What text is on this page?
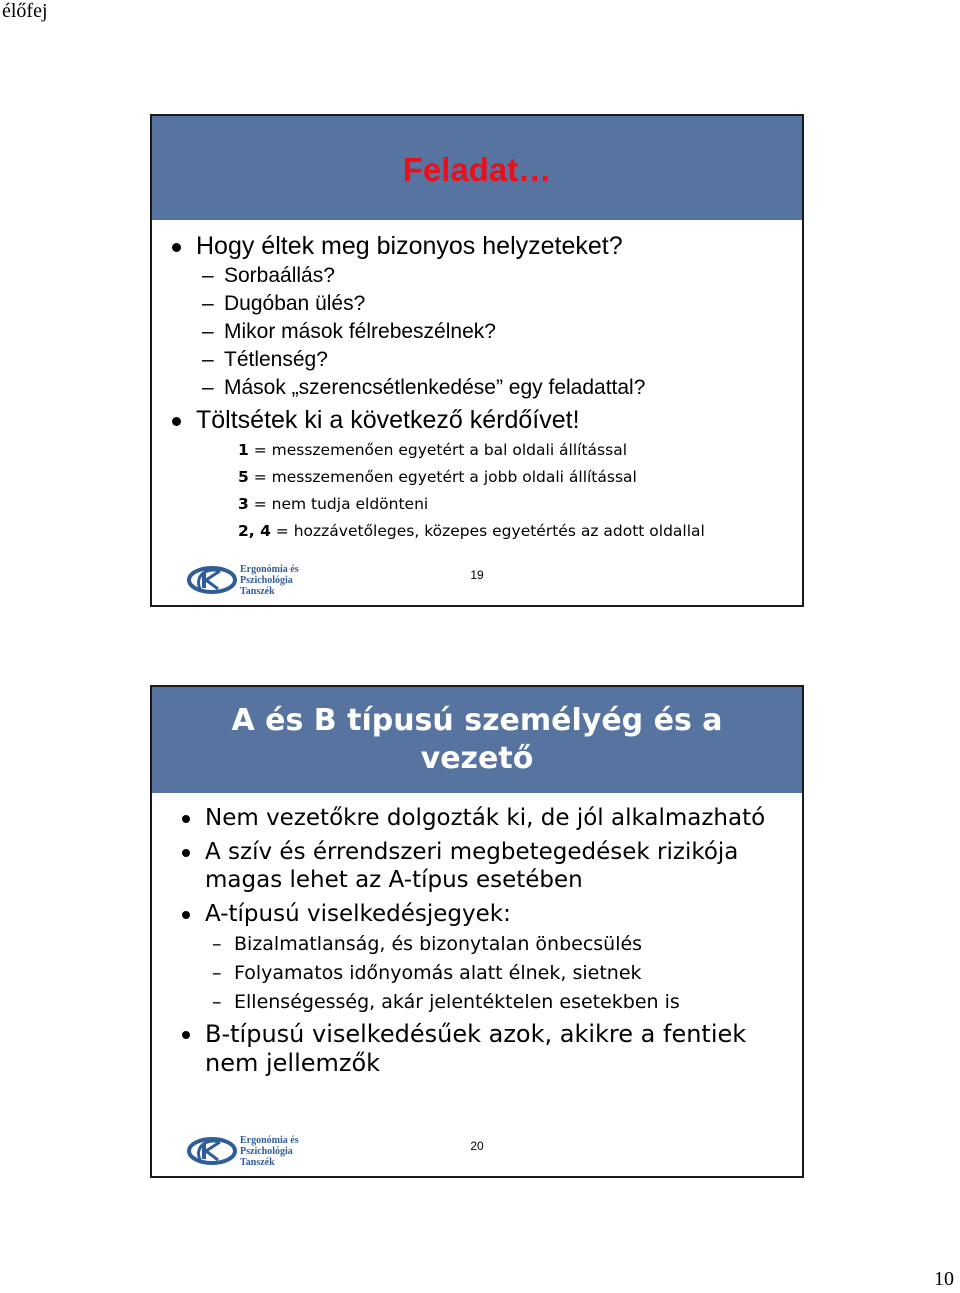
élőfej
Feladat…
Hogy éltek meg bizonyos helyzeteket?
– Sorbaállás?
– Dugóban ülés?
– Mikor mások félrebeszélnek?
– Tétlenség?
– Mások „szerencsétlenkedése” egy feladattal?
Töltsétek ki a következő kérdőívet!
1 = messzemenően egyetért a bal oldali állítással
5 = messzemenően egyetért a jobb oldali állítással
3 = nem tudja eldönteni
2, 4 = hozzávetőleges, közepes egyetértés az adott oldallal
Ergonómia és
Pszichológia
Tanszék
19
A és B típusú személyég és a
vezető
Nem vezetőkre dolgozták ki, de jól alkalmazható
A szív és érrendszeri megbetegedések rizikója magas lehet az A-típus esetében
A-típusú viselkedésjegyek:
– Bizalmatlanság, és bizonytalan önbecsülés
– Folyamatos időnyomás alatt élnek, sietnek
– Ellenségesség, akár jelentéktelen esetekben is
B-típusú viselkedésűek azok, akikre a fentiek nem jellemzők
Ergonómia és
Pszichológia
Tanszék
20
10
